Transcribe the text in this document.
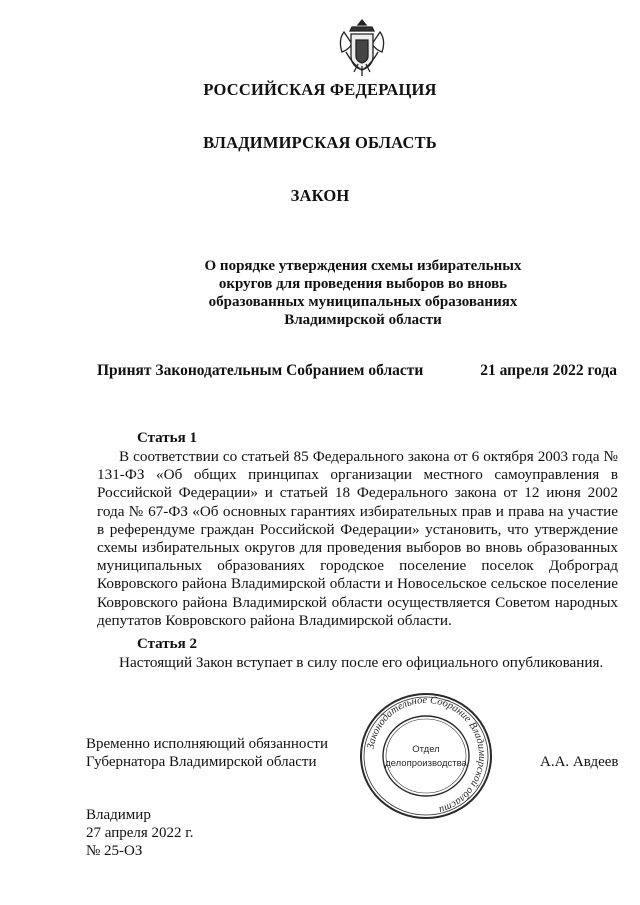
РОССИЙСКАЯ ФЕДЕРАЦИЯ
ВЛАДИМИРСКАЯ ОБЛАСТЬ
ЗАКОН
О порядке утверждения схемы избирательных
округов для проведения выборов во вновь
образованных муниципальных образованиях
Владимирской области
Принят Законодательным Собранием области	21 апреля 2022 года
Статья 1
В соответствии со статьей 85 Федерального закона от 6 октября 2003 года № 131-ФЗ «Об общих принципах организации местного самоуправления в Российской Федерации» и статьей 18 Федерального закона от 12 июня 2002 года № 67-ФЗ «Об основных гарантиях избирательных прав и права на участие в референдуме граждан Российской Федерации» установить, что утверждение схемы избирательных округов для проведения выборов во вновь образованных муниципальных образованиях городское поселение поселок Доброград Ковровского района Владимирской области и Новосельское сельское поселение Ковровского района Владимирской области осуществляется Советом народных депутатов Ковровского района Владимирской области.
Статья 2
Настоящий Закон вступает в силу после его официального опубликования.
Временно исполняющий обязанности
Губернатора Владимирской области	А.А. Авдеев
Законодательное Собрание Владимирской области
Отдел
делопроизводства
Владимир
27 апреля 2022 г.
№ 25-ОЗ
